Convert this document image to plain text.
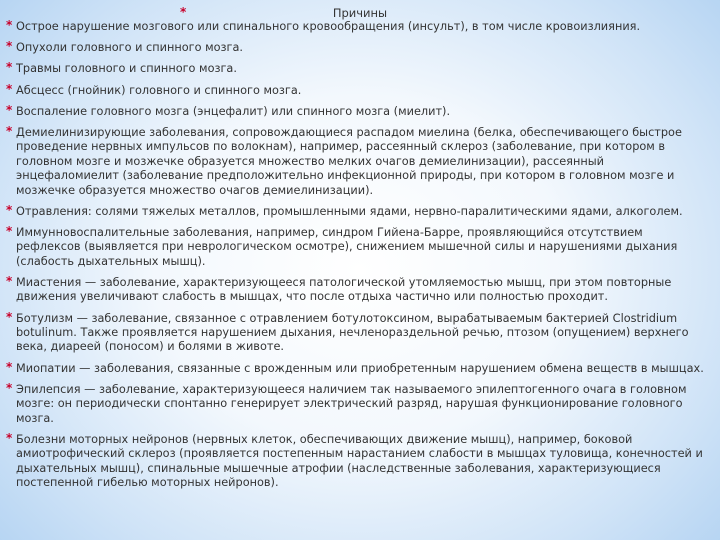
*	Причины
* Острое нарушение мозгового или спинального кровообращения (инсульт), в том числе кровоизлияния.
* Опухоли головного и спинного мозга.
* Травмы головного и спинного мозга.
* Абсцесс (гнойник) головного и спинного мозга.
* Воспаление головного мозга (энцефалит) или спинного мозга (миелит).
* Демиелинизирующие заболевания, сопровождающиеся распадом миелина (белка, обеспечивающего быстрое проведение нервных импульсов по волокнам), например, рассеянный склероз (заболевание, при котором в головном мозге и мозжечке образуется множество мелких очагов демиелинизации), рассеянный энцефаломиелит (заболевание предположительно инфекционной природы, при котором в головном мозге и мозжечке образуется множество очагов демиелинизации).
* Отравления: солями тяжелых металлов, промышленными ядами, нервно-паралитическими ядами, алкоголем.
* Иммунновоспалительные заболевания, например, синдром Гийена-Барре, проявляющийся отсутствием рефлексов (выявляется при неврологическом осмотре), снижением мышечной силы и нарушениями дыхания (слабость дыхательных мышц).
* Миастения — заболевание, характеризующееся патологической утомляемостью мышц, при этом повторные движения увеличивают слабость в мышцах, что после отдыха частично или полностью проходит.
* Ботулизм — заболевание, связанное с отравлением ботулотоксином, вырабатываемым бактерией Clostridium botulinum. Также проявляется нарушением дыхания, нечленораздельной речью, птозом (опущением) верхнего века, диареей (поносом) и болями в животе.
* Миопатии — заболевания, связанные с врожденным или приобретенным нарушением обмена веществ в мышцах.
* Эпилепсия — заболевание, характеризующееся наличием так называемого эпилептогенного очага в головном мозге: он периодически спонтанно генерирует электрический разряд, нарушая функционирование головного мозга.
* Болезни моторных нейронов (нервных клеток, обеспечивающих движение мышц), например, боковой амиотрофический склероз (проявляется постепенным нарастанием слабости в мышцах туловища, конечностей и дыхательных мышц), спинальные мышечные атрофии (наследственные заболевания, характеризующиеся постепенной гибелью моторных нейронов).
